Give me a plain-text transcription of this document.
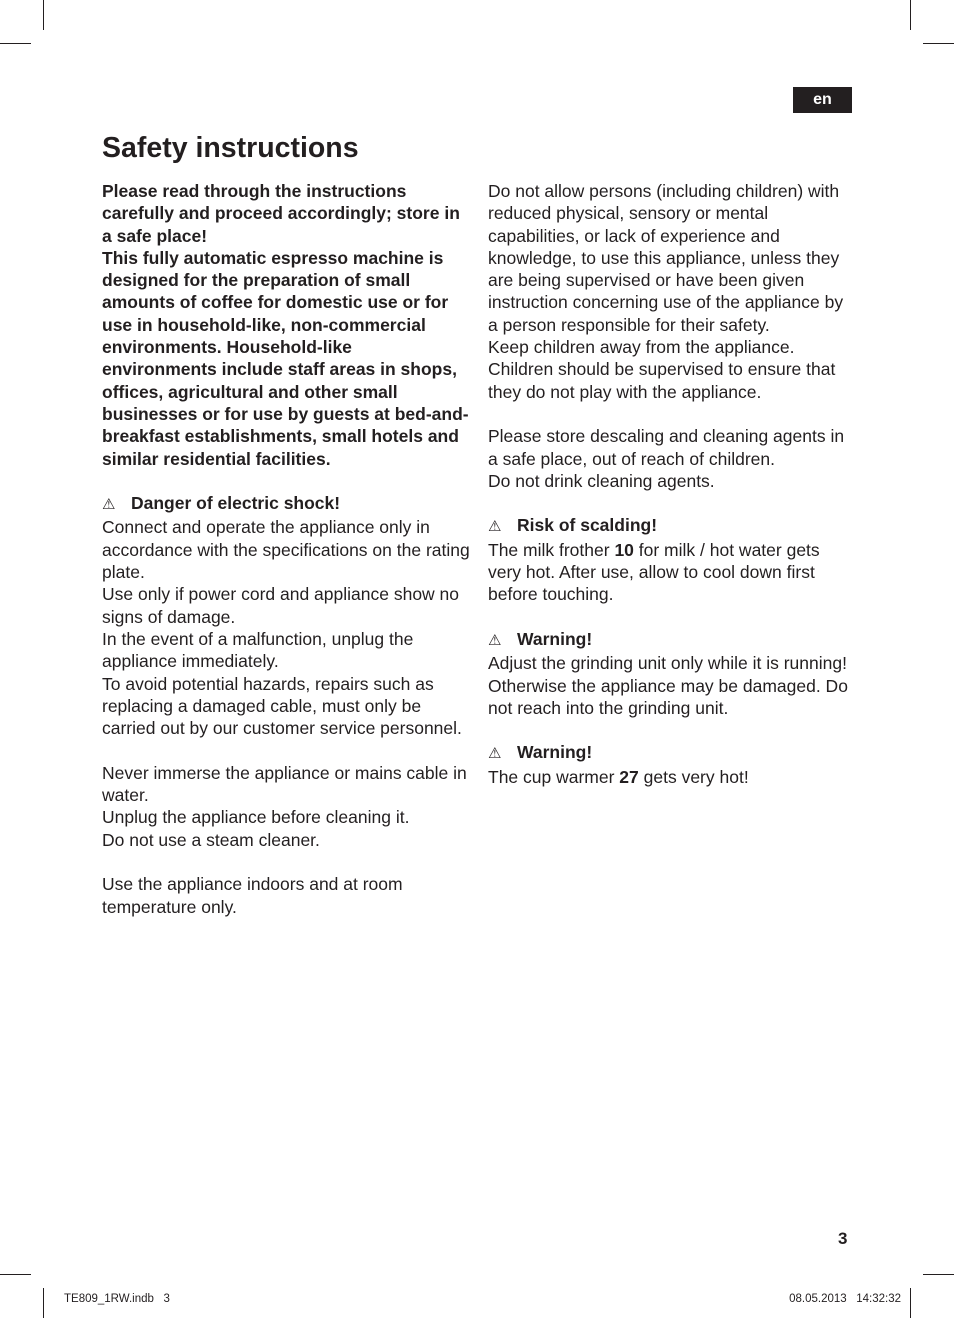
en
Safety instructions

Please read through the instructions carefully and proceed accordingly; store in a safe place!

This fully automatic espresso machine is designed for the preparation of small amounts of coffee for domestic use or for use in household-like, non-commercial environments. Household-like environments include staff areas in shops, offices, agricultural and other small businesses or for use by guests at bed-and-breakfast establishments, small hotels and similar residential facilities.

⚠ Danger of electric shock!

Connect and operate the appliance only in accordance with the specifications on the rating plate.

Use only if power cord and appliance show no signs of damage.

In the event of a malfunction, unplug the appliance immediately.

To avoid potential hazards, repairs such as replacing a damaged cable, must only be carried out by our customer service personnel.

Never immerse the appliance or mains cable in water.

Unplug the appliance before cleaning it.

Do not use a steam cleaner.

Use the appliance indoors and at room temperature only.

Do not allow persons (including children) with reduced physical, sensory or mental capabilities, or lack of experience and knowledge, to use this appliance, unless they are being supervised or have been given instruction concerning use of the appliance by a person responsible for their safety.

Keep children away from the appliance.

Children should be supervised to ensure that they do not play with the appliance.

Please store descaling and cleaning agents in a safe place, out of reach of children.

Do not drink cleaning agents.

⚠ Risk of scalding!

The milk frother 10 for milk / hot water gets very hot. After use, allow to cool down first before touching.

⚠ Warning!

Adjust the grinding unit only while it is running! Otherwise the appliance may be damaged. Do not reach into the grinding unit.

⚠ Warning!

The cup warmer 27 gets very hot!

3
TE809_1RW.indb   3	08.05.2013   14:32:32
